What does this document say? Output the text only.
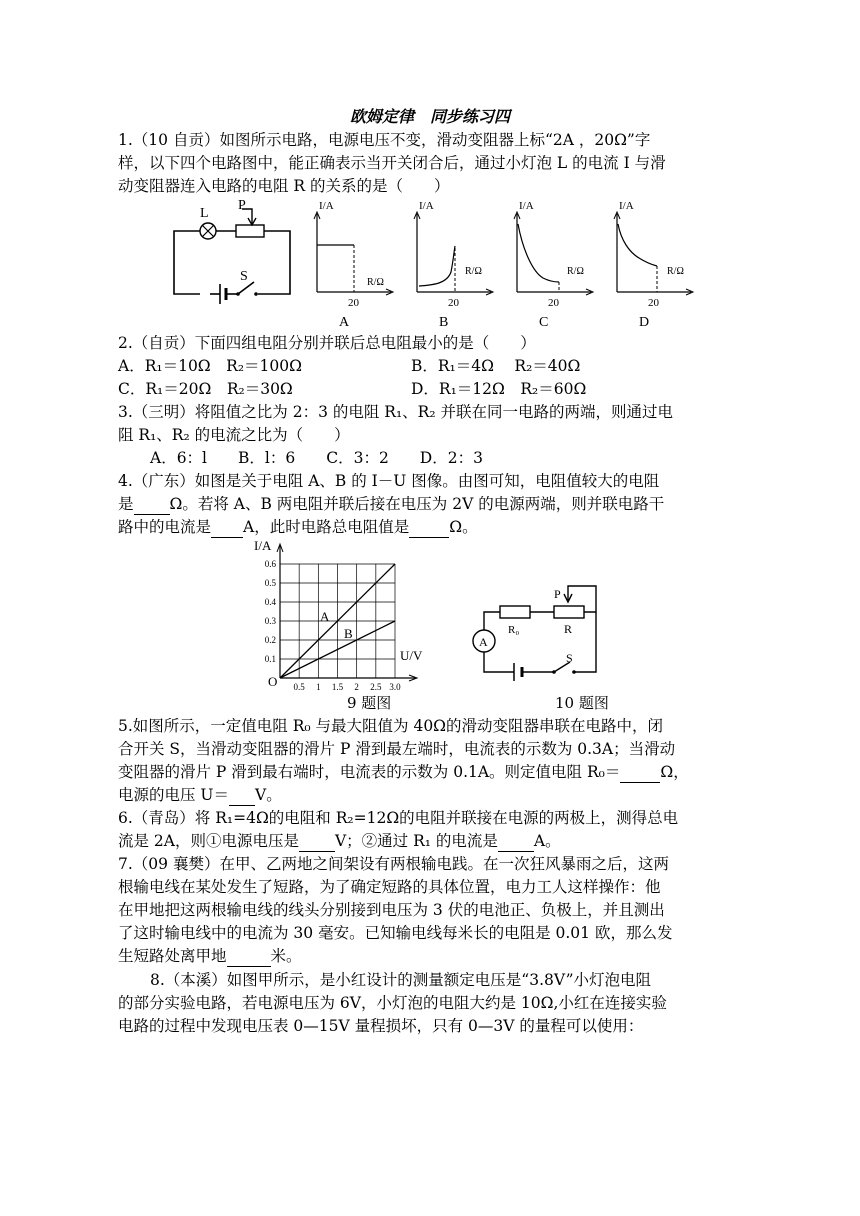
欧姆定律　同步练习四
1.（10 自贡）如图所示电路，电源电压不变，滑动变阻器上标“2A ，20Ω”字
样，以下四个电路图中，能正确表示当开关闭合后，通过小灯泡 L 的电流 I 与滑
动变阻器连入电路的电阻 R 的关系的是（　　）
L
P
S
I/A
R/Ω
20
A
I/A
R/Ω
20
B
I/A
R/Ω
20
C
I/A
R/Ω
20
D
2.（自贡）下面四组电阻分别并联后总电阻最小的是（　　）
A．R₁＝10Ω　R₂＝100Ω	B．R₁＝4Ω　 R₂＝40Ω
C．R₁＝20Ω　R₂＝30Ω	D．R₁＝12Ω　R₂＝60Ω
3.（三明）将阻值之比为 2：3 的电阻 R₁、R₂ 并联在同一电路的两端，则通过电
阻 R₁、R₂ 的电流之比为（　　）
A．6：l　　B．l：6　　C．3：2　　D．2：3
4.（广东）如图是关于电阻 A、B 的 I－U 图像。由图可知，电阻值较大的电阻
是 Ω。若将 A、B 两电阻并联后接在电压为 2V 的电源两端，则并联电路干
路中的电流是 A，此时电路总电阻值是	Ω。
0.5 1 1.5 2 2.5 3.0
0.6
0.5
0.4
0.3
0.2
0.1
I/A
U/V
O
A
B
A
R₀	R
P
S
9 题图	10 题图
5.如图所示，一定值电阻 R₀ 与最大阻值为 40Ω的滑动变阻器串联在电路中，闭
合开关 S，当滑动变阻器的滑片 P 滑到最左端时，电流表的示数为 0.3A；当滑动
变阻器的滑片 P 滑到最右端时，电流表的示数为 0.1A。则定值电阻 R₀＝	Ω，
电源的电压 U＝ V。
6.（青岛）将 R₁=4Ω的电阻和 R₂=12Ω的电阻并联接在电源的两极上，测得总电
流是 2A，则①电源电压是 V；②通过 R₁ 的电流是 A。
7.（09 襄樊）在甲、乙两地之间架设有两根输电践。在一次狂风暴雨之后，这两
根输电线在某处发生了短路，为了确定短路的具体位置，电力工人这样操作：他
在甲地把这两根输电线的线头分别接到电压为 3 伏的电池正、负极上，并且测出
了这时输电线中的电流为 30 毫安。已知输电线每米长的电阻是 0.01 欧，那么发
生短路处离甲地	米。
8.（本溪）如图甲所示，是小红设计的测量额定电压是“3.8V”小灯泡电阻
的部分实验电路，若电源电压为 6V，小灯泡的电阻大约是 10Ω,小红在连接实验
电路的过程中发现电压表 0—15V 量程损坏，只有 0—3V 的量程可以使用：
